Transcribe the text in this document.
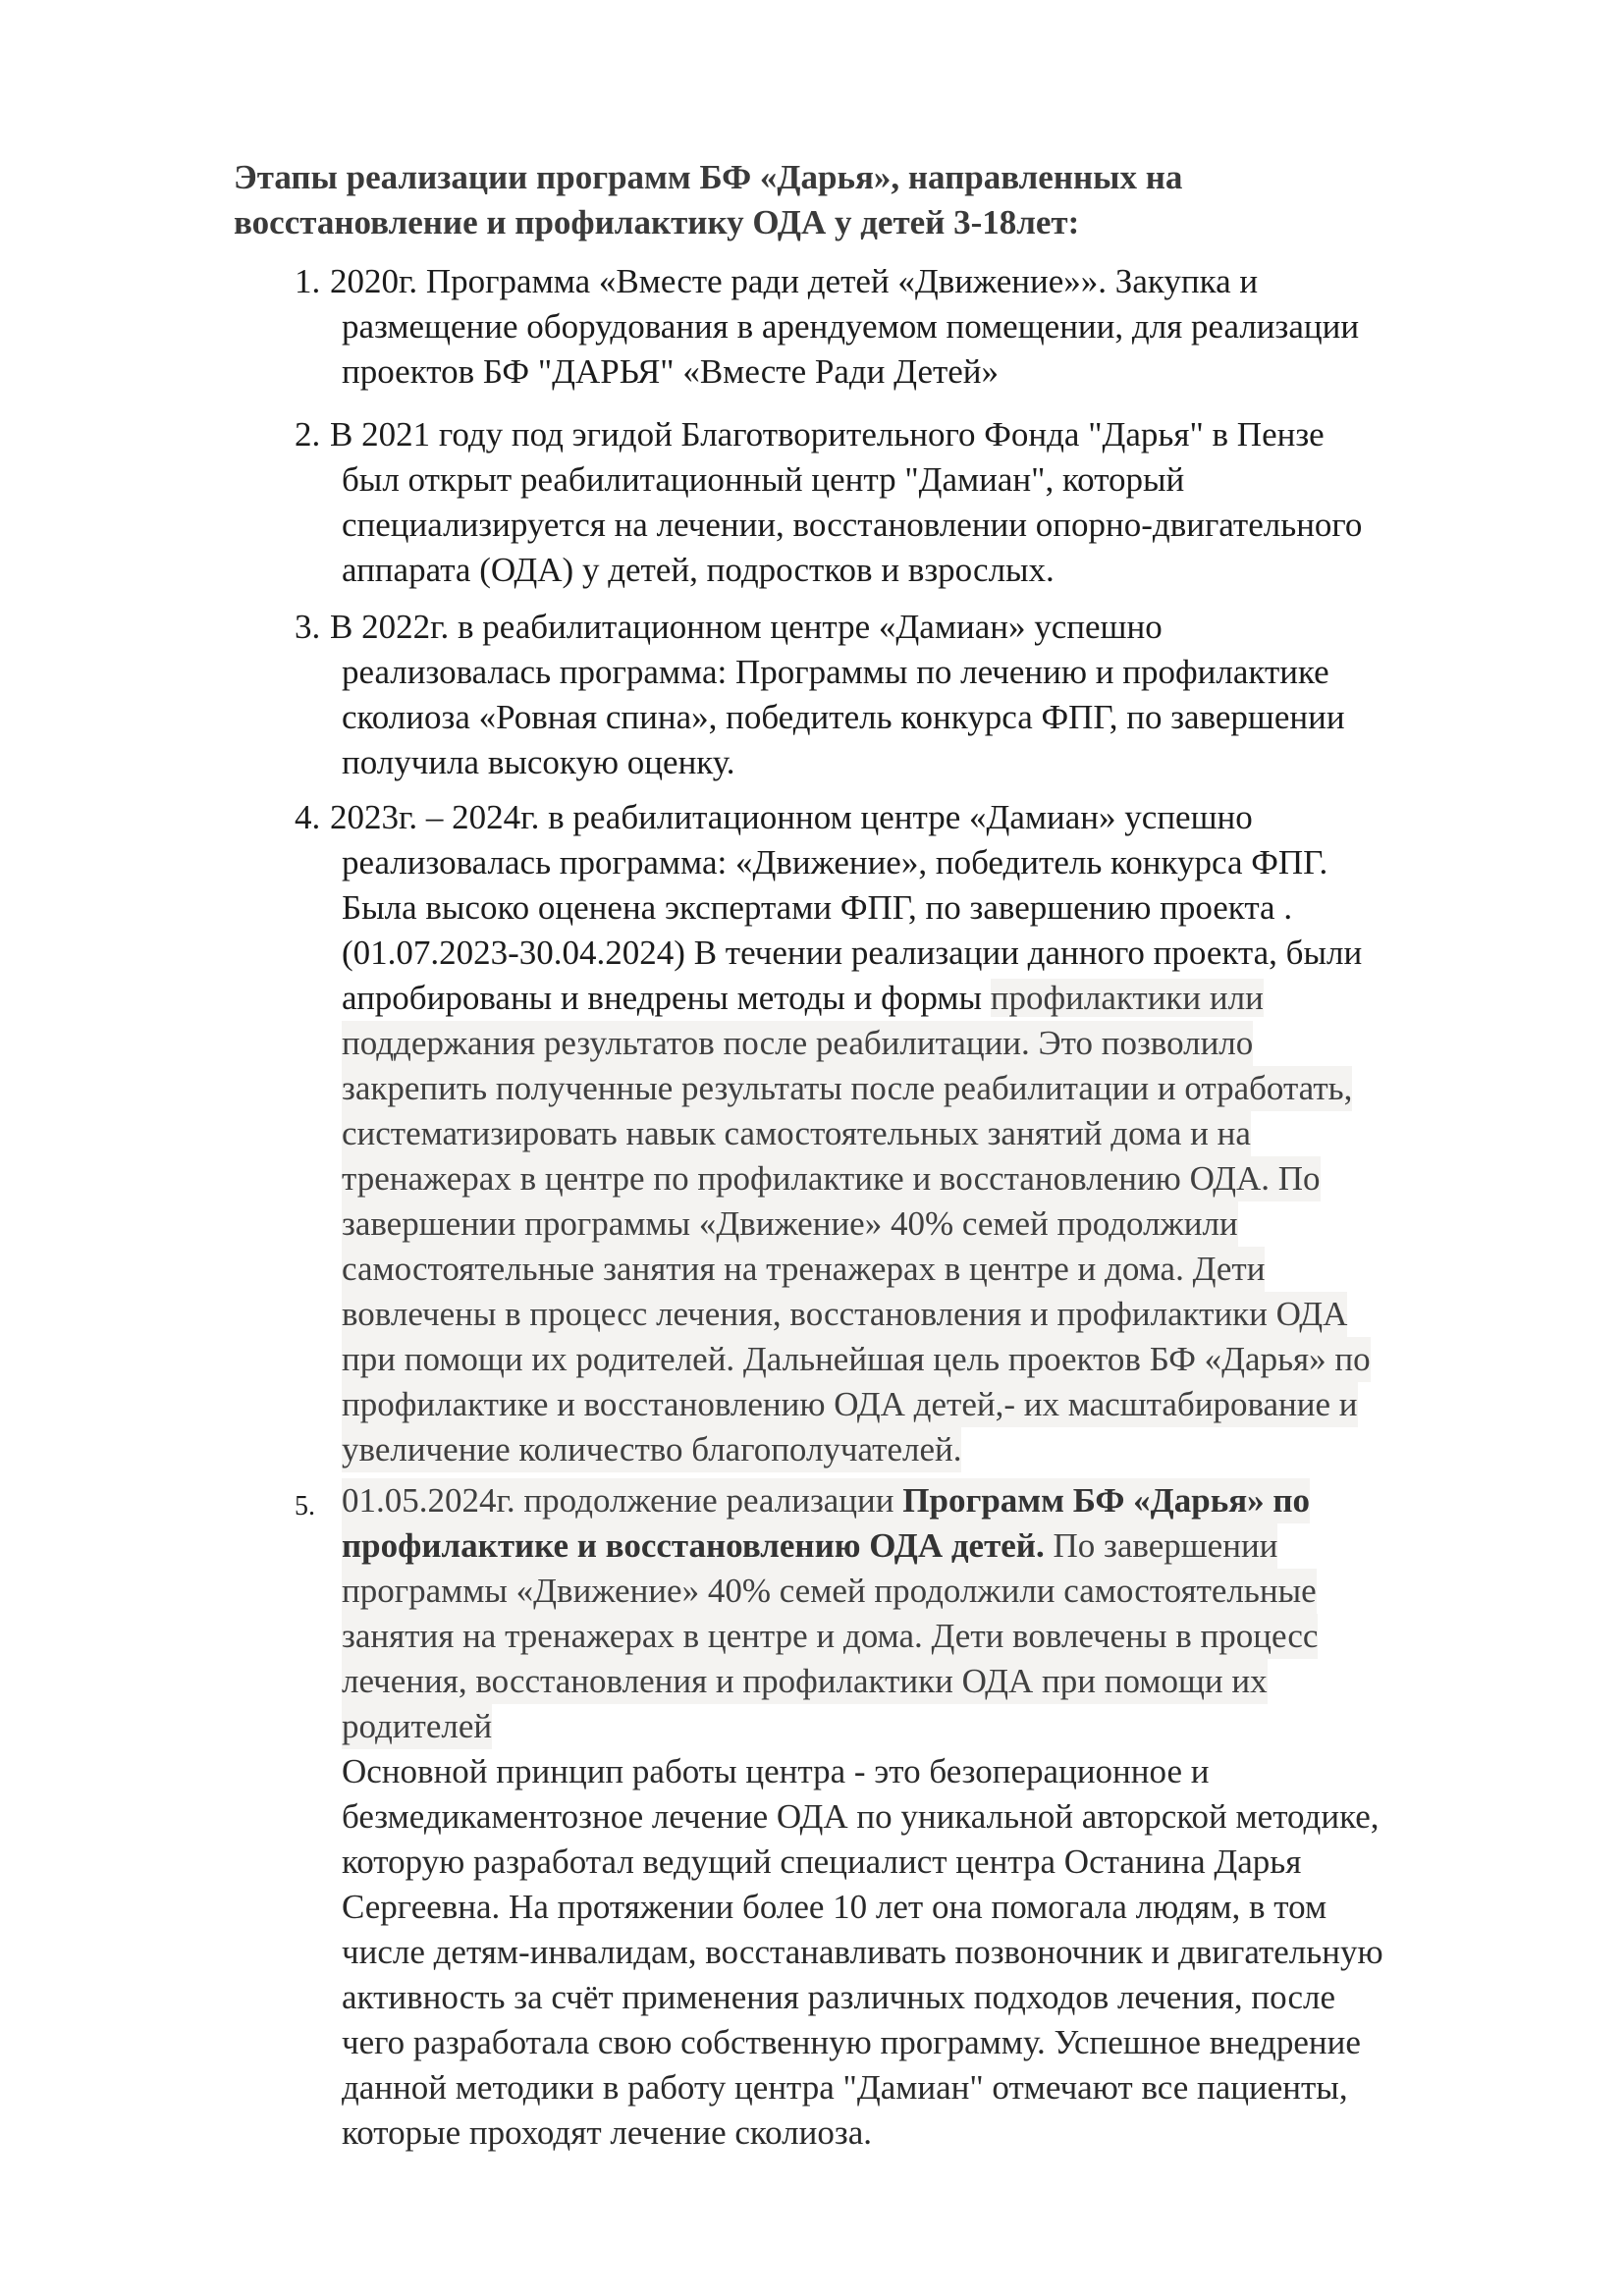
Этапы реализации программ БФ «Дарья», направленных на
восстановление и профилактику ОДА у детей 3-18лет:
1. 2020г. Программа «Вместе ради детей «Движение»». Закупка и
размещение оборудования в арендуемом помещении, для реализации
проектов БФ "ДАРЬЯ" «Вместе Ради Детей»
2. В 2021 году под эгидой Благотворительного Фонда "Дарья" в Пензе
был открыт реабилитационный центр "Дамиан", который
специализируется на лечении, восстановлении опорно-двигательного
аппарата (ОДА) у детей, подростков и взрослых.
3. В 2022г. в реабилитационном центре «Дамиан» успешно
реализовалась программа: Программы по лечению и профилактике
сколиоза «Ровная спина», победитель конкурса ФПГ, по завершении
получила высокую оценку.
4. 2023г. – 2024г. в реабилитационном центре «Дамиан» успешно
реализовалась программа: «Движение», победитель конкурса ФПГ.
Была высоко оценена экспертами ФПГ, по завершению проекта .
(01.07.2023-30.04.2024) В течении реализации данного проекта, были
апробированы и внедрены методы и формы профилактики или
поддержания результатов после реабилитации. Это позволило
закрепить полученные результаты после реабилитации и отработать,
систематизировать навык самостоятельных занятий дома и на
тренажерах в центре по профилактике и восстановлению ОДА. По
завершении программы «Движение» 40% семей продолжили
самостоятельные занятия на тренажерах в центре и дома. Дети
вовлечены в процесс лечения, восстановления и профилактики ОДА
при помощи их родителей. Дальнейшая цель проектов БФ «Дарья» по
профилактике и восстановлению ОДА детей,- их масштабирование и
увеличение количество благополучателей.
5. 01.05.2024г. продолжение реализации Программ БФ «Дарья» по
профилактике и восстановлению ОДА детей. По завершении
программы «Движение» 40% семей продолжили самостоятельные
занятия на тренажерах в центре и дома. Дети вовлечены в процесс
лечения, восстановления и профилактики ОДА при помощи их
родителей
Основной принцип работы центра - это безоперационное и
безмедикаментозное лечение ОДА по уникальной авторской методике,
которую разработал ведущий специалист центра Останина Дарья
Сергеевна. На протяжении более 10 лет она помогала людям, в том
числе детям-инвалидам, восстанавливать позвоночник и двигательную
активность за счёт применения различных подходов лечения, после
чего разработала свою собственную программу. Успешное внедрение
данной методики в работу центра "Дамиан" отмечают все пациенты,
которые проходят лечение сколиоза.
